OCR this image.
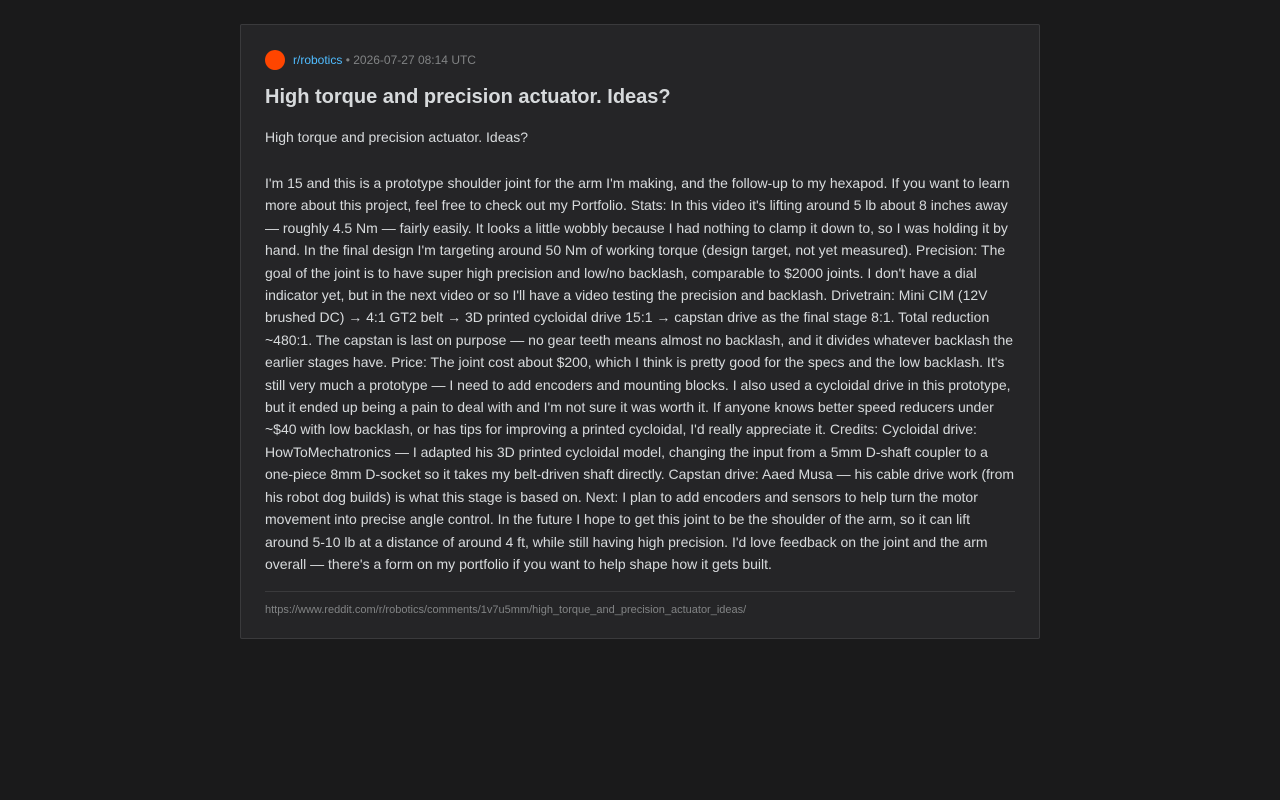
r/robotics • 2026-07-27 08:14 UTC
High torque and precision actuator. Ideas?

High torque and precision actuator. Ideas?

I'm 15 and this is a prototype shoulder joint for the arm I'm making, and the follow-up to my hexapod. If you want to learn more about this project, feel free to check out my Portfolio. Stats: In this video it's lifting around 5 lb about 8 inches away — roughly 4.5 Nm — fairly easily. It looks a little wobbly because I had nothing to clamp it down to, so I was holding it by hand. In the final design I'm targeting around 50 Nm of working torque (design target, not yet measured). Precision: The goal of the joint is to have super high precision and low/no backlash, comparable to $2000 joints. I don't have a dial indicator yet, but in the next video or so I'll have a video testing the precision and backlash. Drivetrain: Mini CIM (12V brushed DC) → 4:1 GT2 belt → 3D printed cycloidal drive 15:1 → capstan drive as the final stage 8:1. Total reduction ~480:1. The capstan is last on purpose — no gear teeth means almost no backlash, and it divides whatever backlash the earlier stages have. Price: The joint cost about $200, which I think is pretty good for the specs and the low backlash. It's still very much a prototype — I need to add encoders and mounting blocks. I also used a cycloidal drive in this prototype, but it ended up being a pain to deal with and I'm not sure it was worth it. If anyone knows better speed reducers under ~$40 with low backlash, or has tips for improving a printed cycloidal, I'd really appreciate it. Credits: Cycloidal drive: HowToMechatronics — I adapted his 3D printed cycloidal model, changing the input from a 5mm D-shaft coupler to a one-piece 8mm D-socket so it takes my belt-driven shaft directly. Capstan drive: Aaed Musa — his cable drive work (from his robot dog builds) is what this stage is based on. Next: I plan to add encoders and sensors to help turn the motor movement into precise angle control. In the future I hope to get this joint to be the shoulder of the arm, so it can lift around 5-10 lb at a distance of around 4 ft, while still having high precision. I'd love feedback on the joint and the arm overall — there's a form on my portfolio if you want to help shape how it gets built.

https://www.reddit.com/r/robotics/comments/1v7u5mm/high_torque_and_precision_actuator_ideas/
